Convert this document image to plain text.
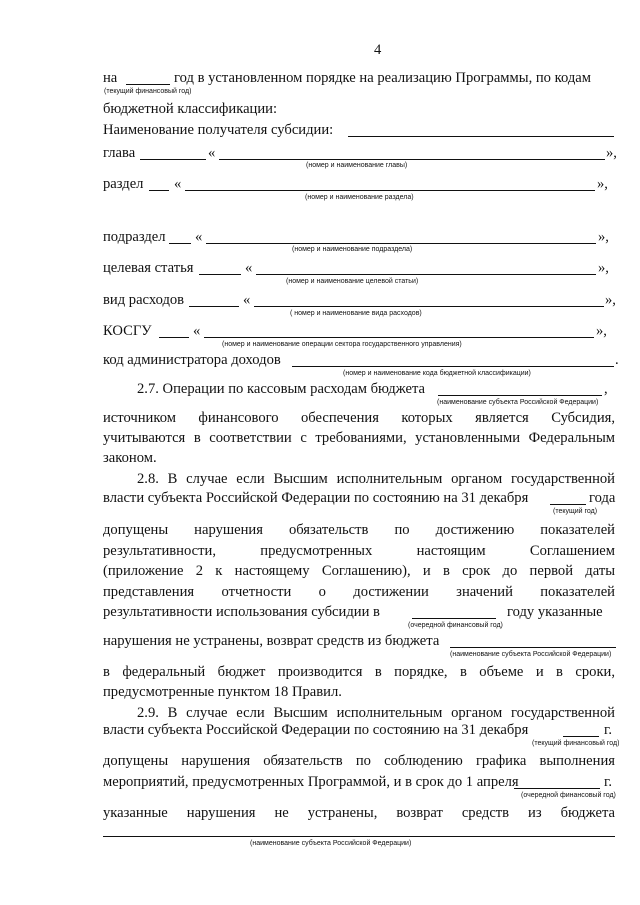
4
на	год в установленном порядке на реализацию Программы, по кодам
(текущий финансовый год)
бюджетной классификации:
Наименование получателя субсидии:
глава	«	»,
(номер и наименование главы)
раздел «	»,
(номер и наименование раздела)
подраздел «	»,
(номер и наименование подраздела)
целевая статья	«	»,
(номер и наименование целевой статьи)
вид расходов	«	»,
( номер и наименование вида расходов)
КОСГУ	«	»,
(номер и наименование операции сектора государственного управления)
код администратора доходов	.
(номер и наименование кода бюджетной классификации)
2.7. Операции по кассовым расходам бюджета	,
(наименование субъекта Российской Федерации)
источником финансового обеспечения которых является Субсидия,
учитываются в соответствии с требованиями, установленными Федеральным
законом.
2.8. В случае если Высшим исполнительным органом государственной
власти субъекта Российской Федерации по состоянию на 31 декабря	года
(текущий год)
допущены нарушения обязательств по достижению показателей
результативности, предусмотренных настоящим Соглашением
(приложение 2 к настоящему Соглашению), и в срок до первой даты
представления отчетности о достижении значений показателей
результативности использования субсидии в	году указанные
(очередной финансовый год)
нарушения не устранены, возврат средств из бюджета
(наименование субъекта Российской Федерации)
в федеральный бюджет производится в порядке, в объеме и в сроки,
предусмотренные пунктом 18 Правил.
2.9. В случае если Высшим исполнительным органом государственной
власти субъекта Российской Федерации по состоянию на 31 декабря	г.
(текущий финансовый год)
допущены нарушения обязательств по соблюдению графика выполнения
мероприятий, предусмотренных Программой, и в срок до 1 апреля	г.
(очередной финансовый год)
указанные нарушения не устранены, возврат средств из бюджета
(наименование субъекта Российской Федерации)
